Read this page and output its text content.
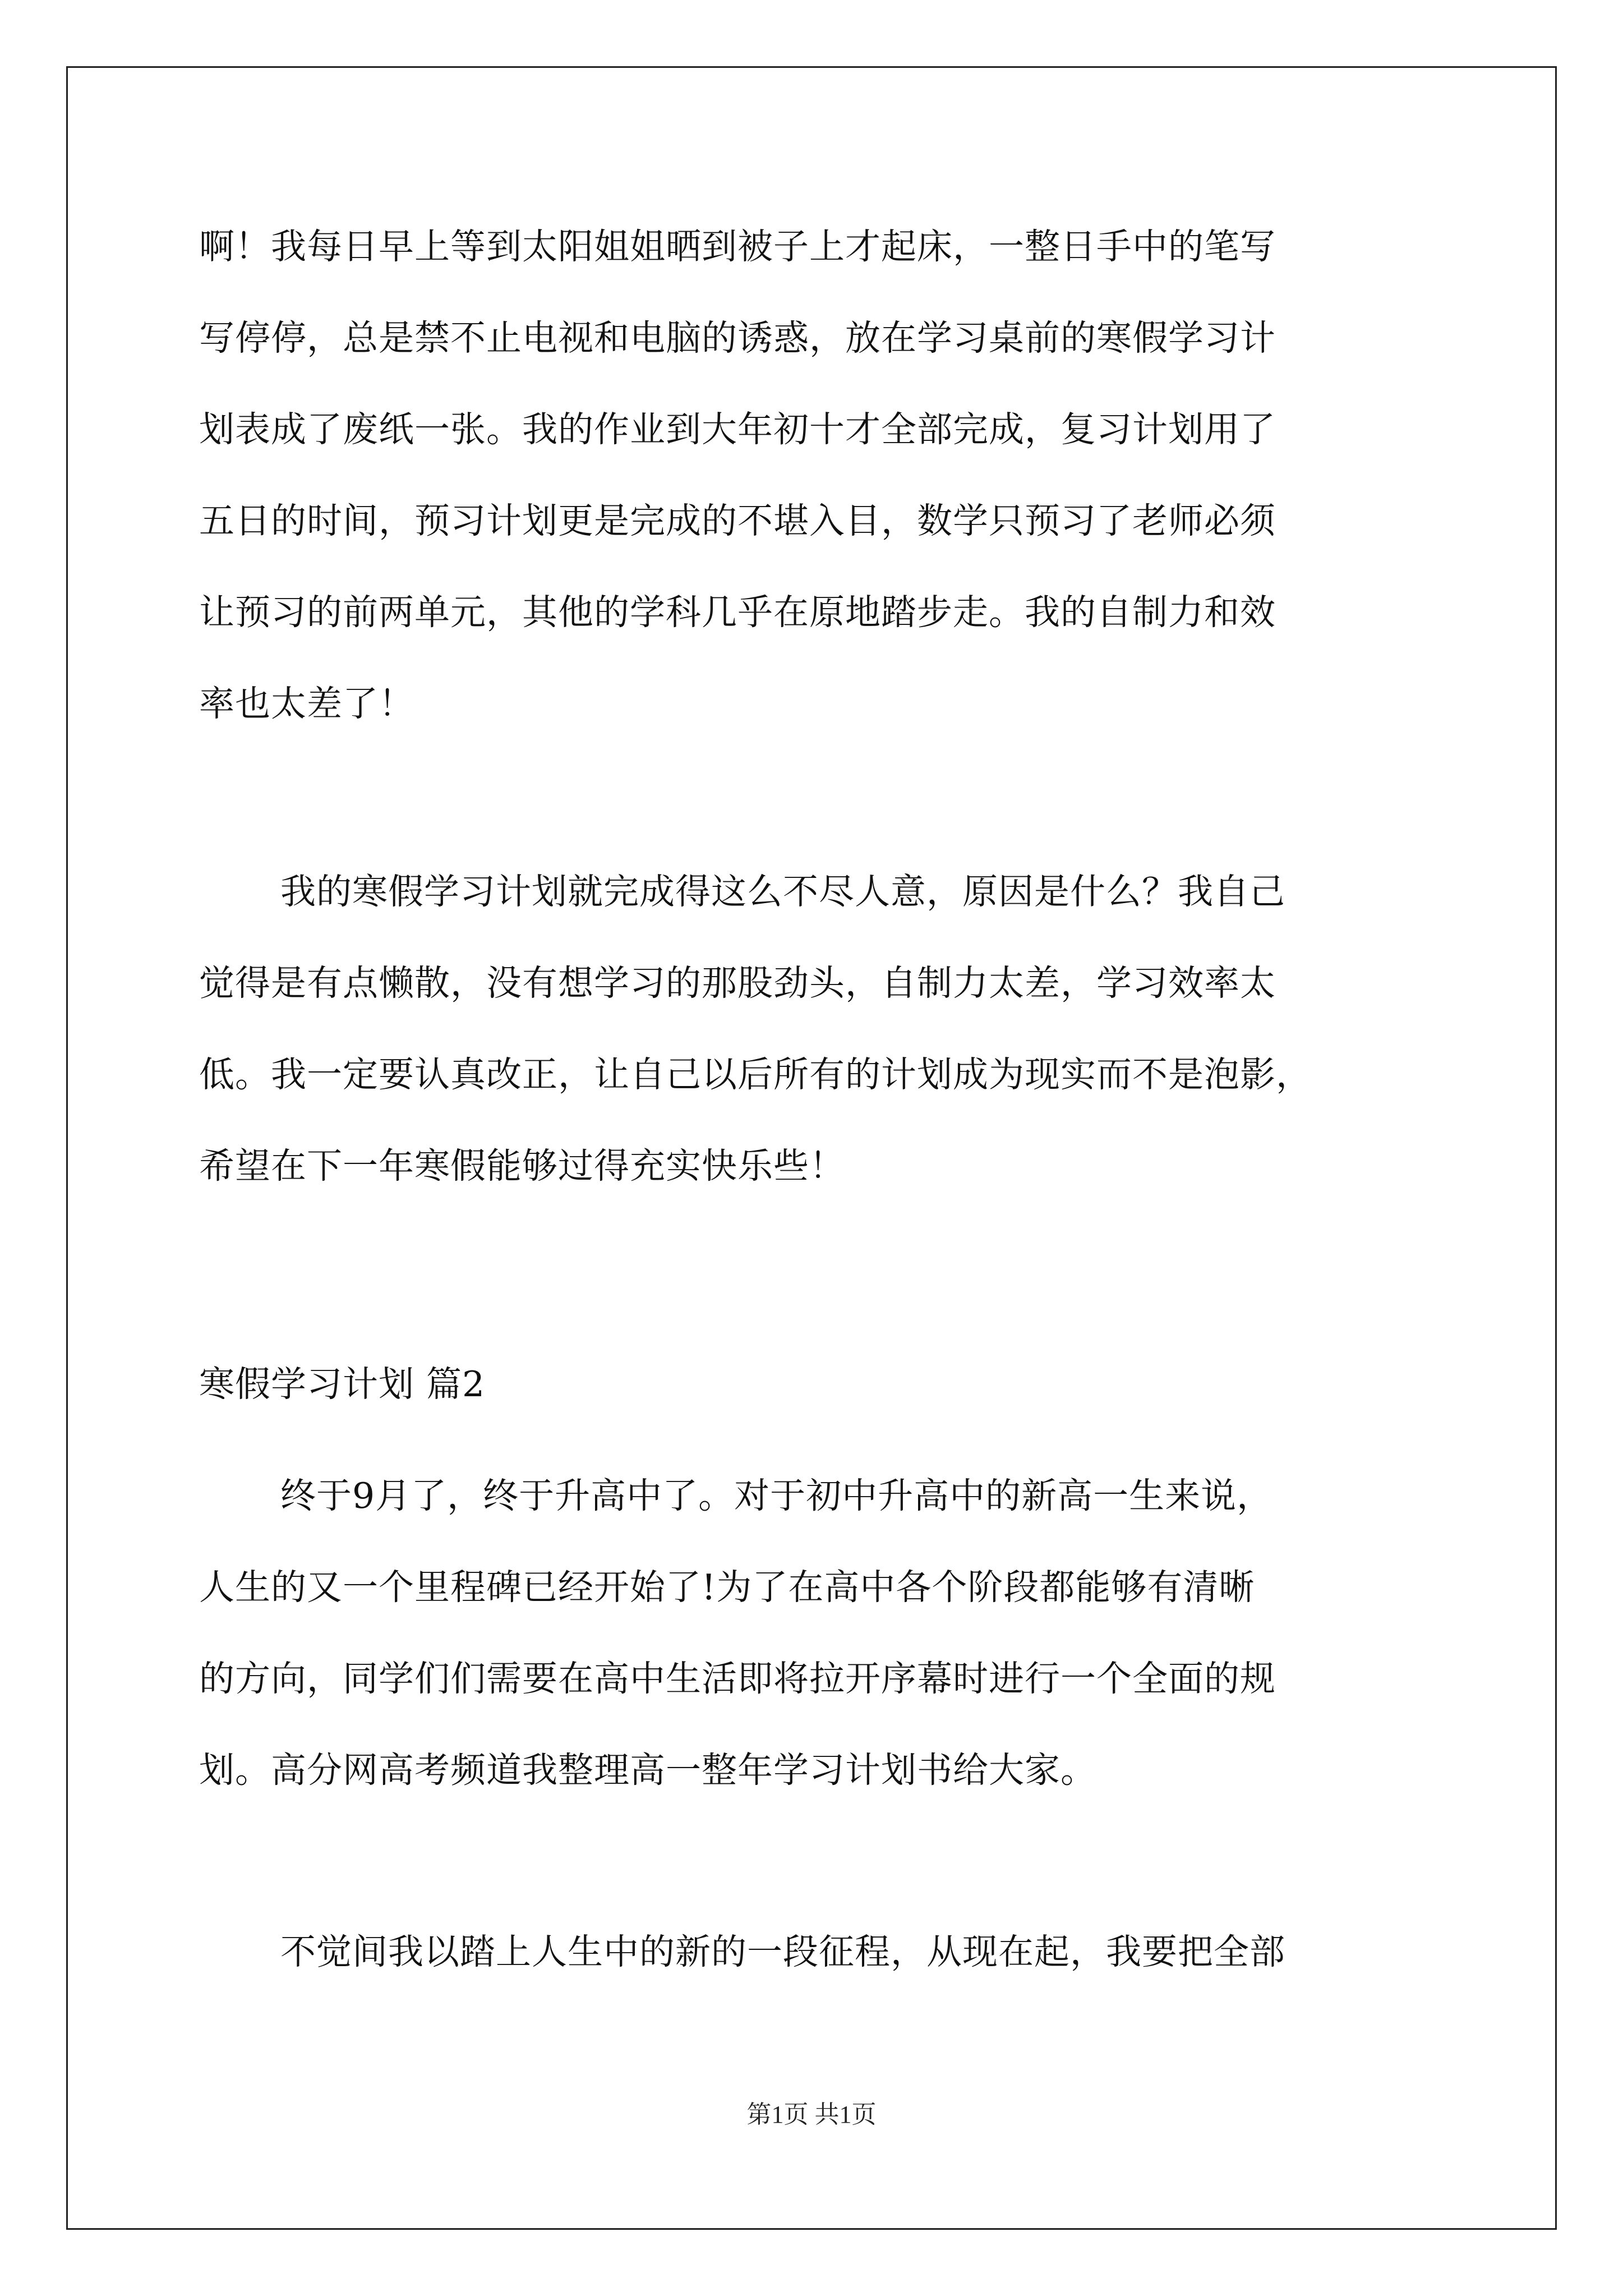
啊！我每日早上等到太阳姐姐晒到被子上才起床，一整日手中的笔写
写停停，总是禁不止电视和电脑的诱惑，放在学习桌前的寒假学习计
划表成了废纸一张。我的作业到大年初十才全部完成，复习计划用了
五日的时间，预习计划更是完成的不堪入目，数学只预习了老师必须
让预习的前两单元，其他的学科几乎在原地踏步走。我的自制力和效
率也太差了！
我的寒假学习计划就完成得这么不尽人意，原因是什么？我自己
觉得是有点懒散，没有想学习的那股劲头，自制力太差，学习效率太
低。我一定要认真改正，让自己以后所有的计划成为现实而不是泡影，
希望在下一年寒假能够过得充实快乐些！
寒假学习计划 篇2
终于9月了，终于升高中了。对于初中升高中的新高一生来说，
人生的又一个里程碑已经开始了!为了在高中各个阶段都能够有清晰
的方向，同学们们需要在高中生活即将拉开序幕时进行一个全面的规
划。高分网高考频道我整理高一整年学习计划书给大家。
不觉间我以踏上人生中的新的一段征程，从现在起，我要把全部
第1页 共1页
